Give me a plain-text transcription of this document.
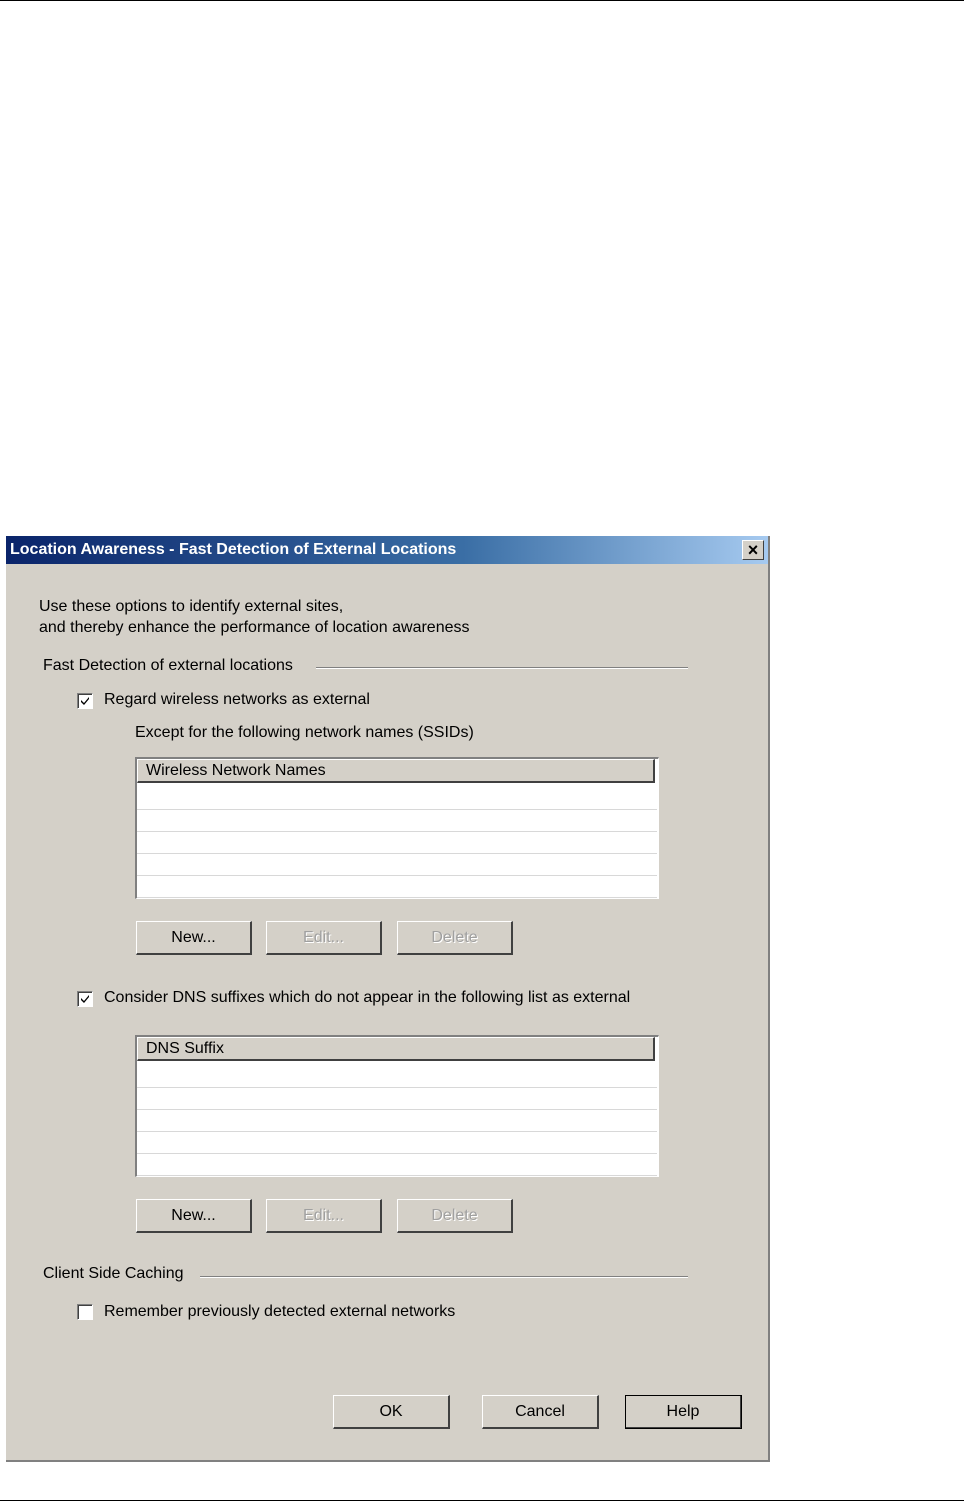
Location Awareness - Fast Detection of External Locations	×
Use these options to identify external sites,
and thereby enhance the performance of location awareness
Fast Detection of external locations
Regard wireless networks as external
Except for the following network names (SSIDs)
Wireless Network Names
New...	Edit...	Delete
Consider DNS suffixes which do not appear in the following list as external
DNS Suffix
New...	Edit...	Delete
Client Side Caching
Remember previously detected external networks
OK	Cancel	Help
